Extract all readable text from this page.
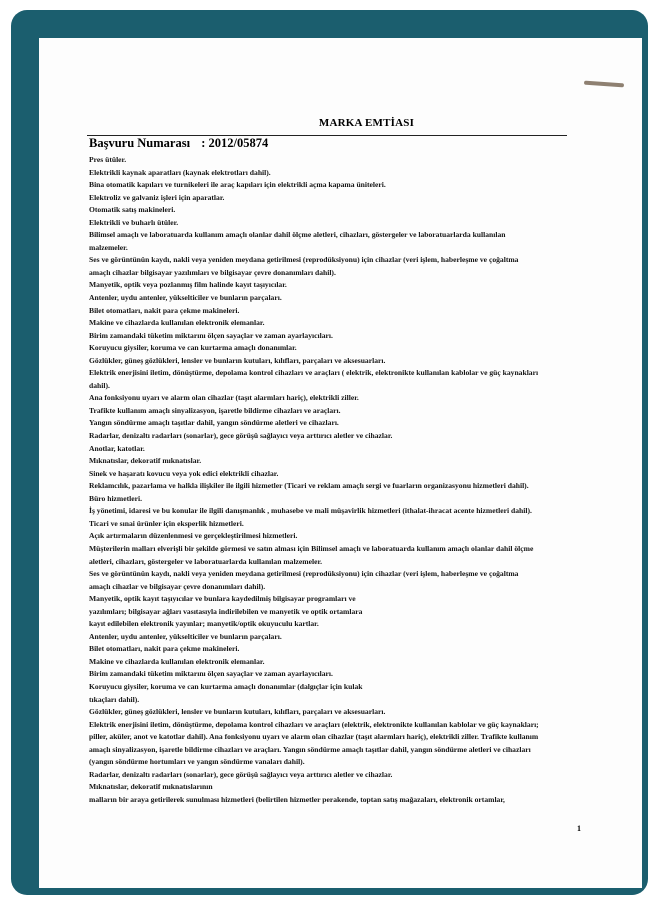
MARKA EMTİASI
Başvuru Numarası : 2012/05874
Pres ütüler.
Elektrikli kaynak aparatları (kaynak elektrotları dahil).
Bina otomatik kapıları ve turnikeleri ile araç kapıları için elektrikli açma kapama üniteleri.
Elektroliz ve galvaniz işleri için aparatlar.
Otomatik satış makineleri.
Elektrikli ve buharlı ütüler.
Bilimsel amaçlı ve laboratuarda kullanım amaçlı olanlar dahil ölçme aletleri, cihazları, göstergeler ve laboratuarlarda kullanılan
malzemeler.
Ses ve görüntünün kaydı, nakli veya yeniden meydana getirilmesi (reprodüksiyonu) için cihazlar (veri işlem, haberleşme ve çoğaltma
amaçlı cihazlar bilgisayar yazılımları ve bilgisayar çevre donanımları dahil).
Manyetik, optik veya pozlanmış film halinde kayıt taşıyıcılar.
Antenler, uydu antenler, yükselticiler ve bunların parçaları.
Bilet otomatları, nakit para çekme makineleri.
Makine ve cihazlarda kullanılan elektronik elemanlar.
Birim zamandaki tüketim miktarını ölçen sayaçlar ve zaman ayarlayıcıları.
Koruyucu giysiler, koruma ve can kurtarma amaçlı donanımlar.
Gözlükler, güneş gözlükleri, lensler ve bunların kutuları, kılıfları, parçaları ve aksesuarları.
Elektrik enerjisini iletim, dönüştürme, depolama kontrol cihazları ve araçları ( elektrik, elektronikte kullanılan kablolar ve güç kaynakları
dahil).
Ana fonksiyonu uyarı ve alarm olan cihazlar (taşıt alarmları hariç), elektrikli ziller.
Trafikte kullanım amaçlı sinyalizasyon, işaretle bildirme cihazları ve araçları.
Yangın söndürme amaçlı taşıtlar dahil, yangın söndürme aletleri ve cihazları.
Radarlar, denizaltı radarları (sonarlar), gece görüşü sağlayıcı veya arttırıcı aletler ve cihazlar.
Anotlar, katotlar.
Mıknatıslar, dekoratif mıknatıslar.
Sinek ve haşaratı kovucu veya yok edici elektrikli cihazlar.
Reklamcılık, pazarlama ve halkla ilişkiler ile ilgili hizmetler (Ticari ve reklam amaçlı sergi ve fuarların organizasyonu hizmetleri dahil).
Büro hizmetleri.
İş yönetimi, idaresi ve bu konular ile ilgili danışmanlık , muhasebe ve mali müşavirlik hizmetleri (ithalat-ihracat acente hizmetleri dahil).
Ticari ve sınai ürünler için eksperlik hizmetleri.
Açık artırmaların düzenlenmesi ve gerçekleştirilmesi hizmetleri.
Müşterilerin malları elverişli bir şekilde görmesi ve satın alması için Bilimsel amaçlı ve laboratuarda kullanım amaçlı olanlar dahil ölçme
aletleri, cihazları, göstergeler ve laboratuarlarda kullanılan malzemeler.
Ses ve görüntünün kaydı, nakli veya yeniden meydana getirilmesi (reprodüksiyonu) için cihazlar (veri işlem, haberleşme ve çoğaltma
amaçlı cihazlar ve bilgisayar çevre donanımları dahil).
Manyetik, optik kayıt taşıyıcılar ve bunlara kaydedilmiş bilgisayar programları ve
yazılımları; bilgisayar ağları vasıtasıyla indirilebilen ve manyetik ve optik ortamlara
kayıt edilebilen elektronik yayınlar; manyetik/optik okuyuculu kartlar.
Antenler, uydu antenler, yükselticiler ve bunların parçaları.
Bilet otomatları, nakit para çekme makineleri.
Makine ve cihazlarda kullanılan elektronik elemanlar.
Birim zamandaki tüketim miktarını ölçen sayaçlar ve zaman ayarlayıcıları.
Koruyucu giysiler, koruma ve can kurtarma amaçlı donanımlar (dalgıçlar için kulak
tıkaçları dahil).
Gözlükler, güneş gözlükleri, lensler ve bunların kutuları, kılıfları, parçaları ve aksesuarları.
Elektrik enerjisini iletim, dönüştürme, depolama kontrol cihazları ve araçları (elektrik, elektronikte kullanılan kablolar ve güç kaynakları;
piller, aküler, anot ve katotlar dahil). Ana fonksiyonu uyarı ve alarm olan cihazlar (taşıt alarmları hariç), elektrikli ziller. Trafikte kullanım
amaçlı sinyalizasyon, işaretle bildirme cihazları ve araçları. Yangın söndürme amaçlı taşıtlar dahil, yangın söndürme aletleri ve cihazları
(yangın söndürme hortumları ve yangın söndürme vanaları dahil).
Radarlar, denizaltı radarları (sonarlar), gece görüşü sağlayıcı veya arttırıcı aletler ve cihazlar.
Mıknatıslar, dekoratif mıknatıslarının
malların bir araya getirilerek sunulması hizmetleri (belirtilen hizmetler perakende, toptan satış mağazaları, elektronik ortamlar,
1
